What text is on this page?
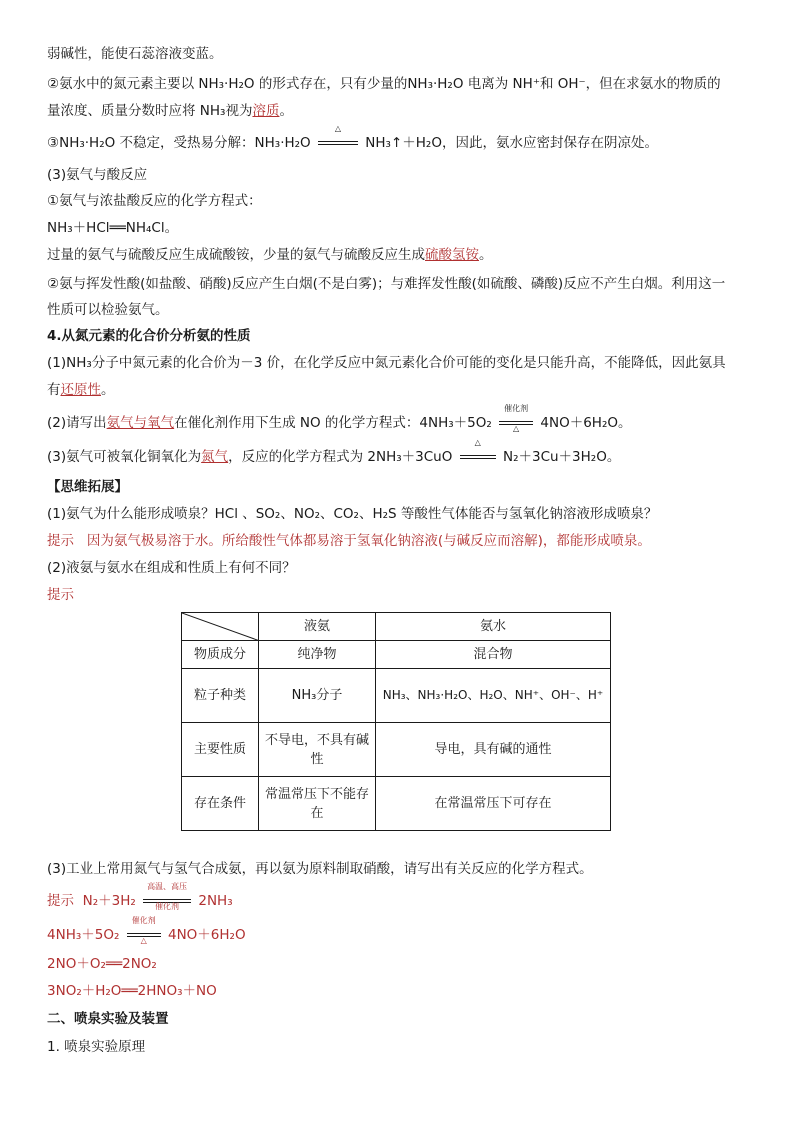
弱碱性，能使石蕊溶液变蓝。
②氨水中的氮元素主要以 NH₃·H₂O 的形式存在，只有少量的NH₃·H₂O 电离为 NH⁺和 OH⁻，但在求氨水的物质的
量浓度、质量分数时应将 NH₃视为溶质。
③NH₃·H₂O 不稳定，受热易分解：NH₃·H₂O
△
NH₃↑＋H₂O，因此，氨水应密封保存在阴凉处。
(3)氨气与酸反应
①氨气与浓盐酸反应的化学方程式：
NH₃＋HCl══NH₄Cl。
过量的氨气与硫酸反应生成硫酸铵，少量的氨气与硫酸反应生成硫酸氢铵。
②氨与挥发性酸(如盐酸、硝酸)反应产生白烟(不是白雾)；与难挥发性酸(如硫酸、磷酸)反应不产生白烟。利用这一
性质可以检验氨气。
4.从氮元素的化合价分析氨的性质
(1)NH₃分子中氮元素的化合价为－3 价，在化学反应中氮元素化合价可能的变化是只能升高，不能降低，因此氨具
有还原性。
(2)请写出氨气与氧气在催化剂作用下生成 NO 的化学方程式：4NH₃＋5O₂
催化剂
△	4NO＋6H₂O。
(3)氨气可被氧化铜氧化为氮气，反应的化学方程式为 2NH₃＋3CuO
△
N₂＋3Cu＋3H₂O。
【思维拓展】
(1)氨气为什么能形成喷泉？HCl 、SO₂、NO₂、CO₂、H₂S 等酸性气体能否与氢氧化钠溶液形成喷泉？
提示 因为氨气极易溶于水。所给酸性气体都易溶于氢氧化钠溶液(与碱反应而溶解)，都能形成喷泉。
(2)液氨与氨水在组成和性质上有何不同？
提示
	液氨	氨水
物质成分	纯净物	混合物
粒子种类	NH₃分子	NH₃、NH₃·H₂O、H₂O、NH⁺、OH⁻、H⁺
主要性质	不导电，不具有碱性	导电，具有碱的通性
存在条件	常温常压下不能存在	在常温常压下可存在
(3)工业上常用氮气与氢气合成氨，再以氨为原料制取硝酸，请写出有关反应的化学方程式。
提示 N₂＋3H₂
高温、高压
催化剂	2NH₃
4NH₃＋5O₂
催化剂
△	4NO＋6H₂O
2NO＋O₂══2NO₂
3NO₂＋H₂O══2HNO₃＋NO
二、喷泉实验及装置
1. 喷泉实验原理
